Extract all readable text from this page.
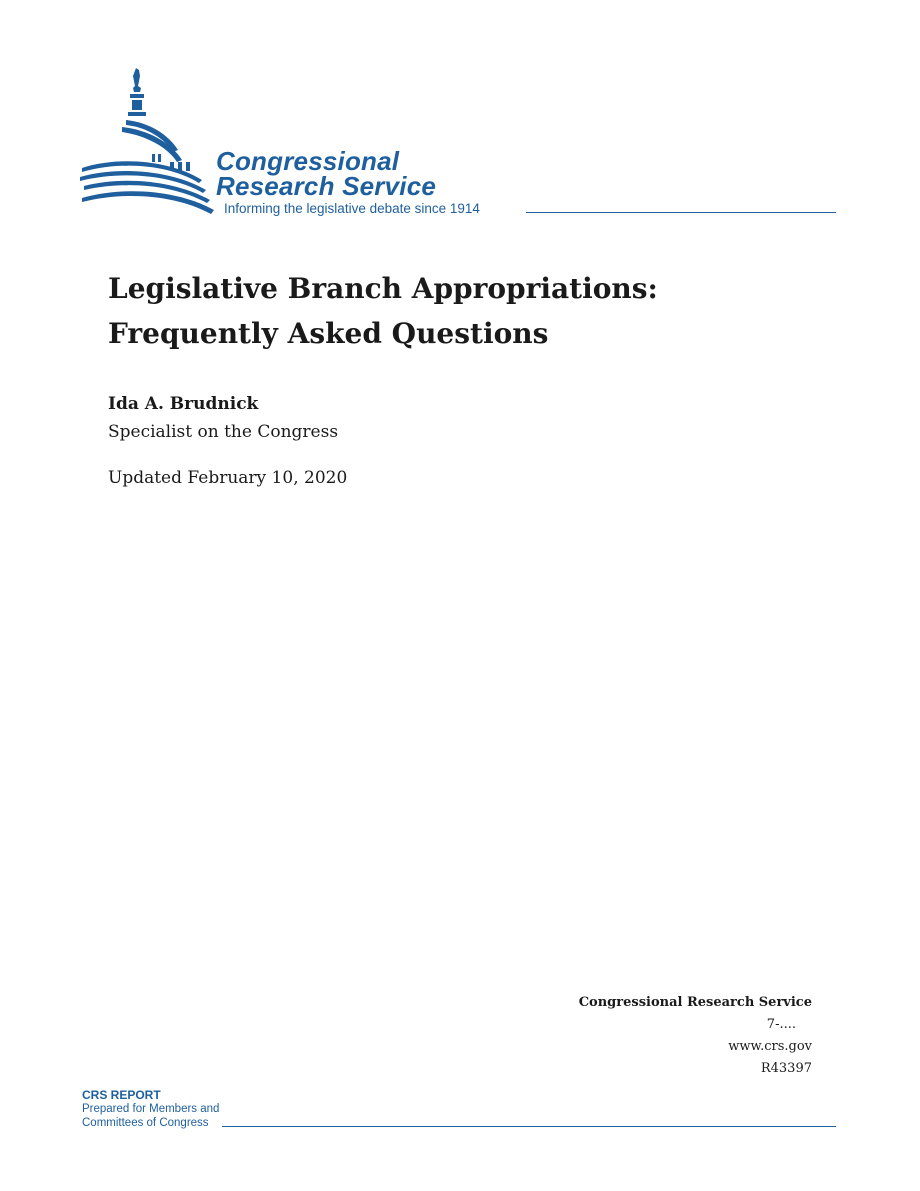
Congressional
Research Service
Informing the legislative debate since 1914
Legislative Branch Appropriations:
Frequently Asked Questions
Ida A. Brudnick
Specialist on the Congress
Updated February 10, 2020
Congressional Research Service
7-....
www.crs.gov
R43397
CRS REPORT
Prepared for Members and
Committees of Congress
